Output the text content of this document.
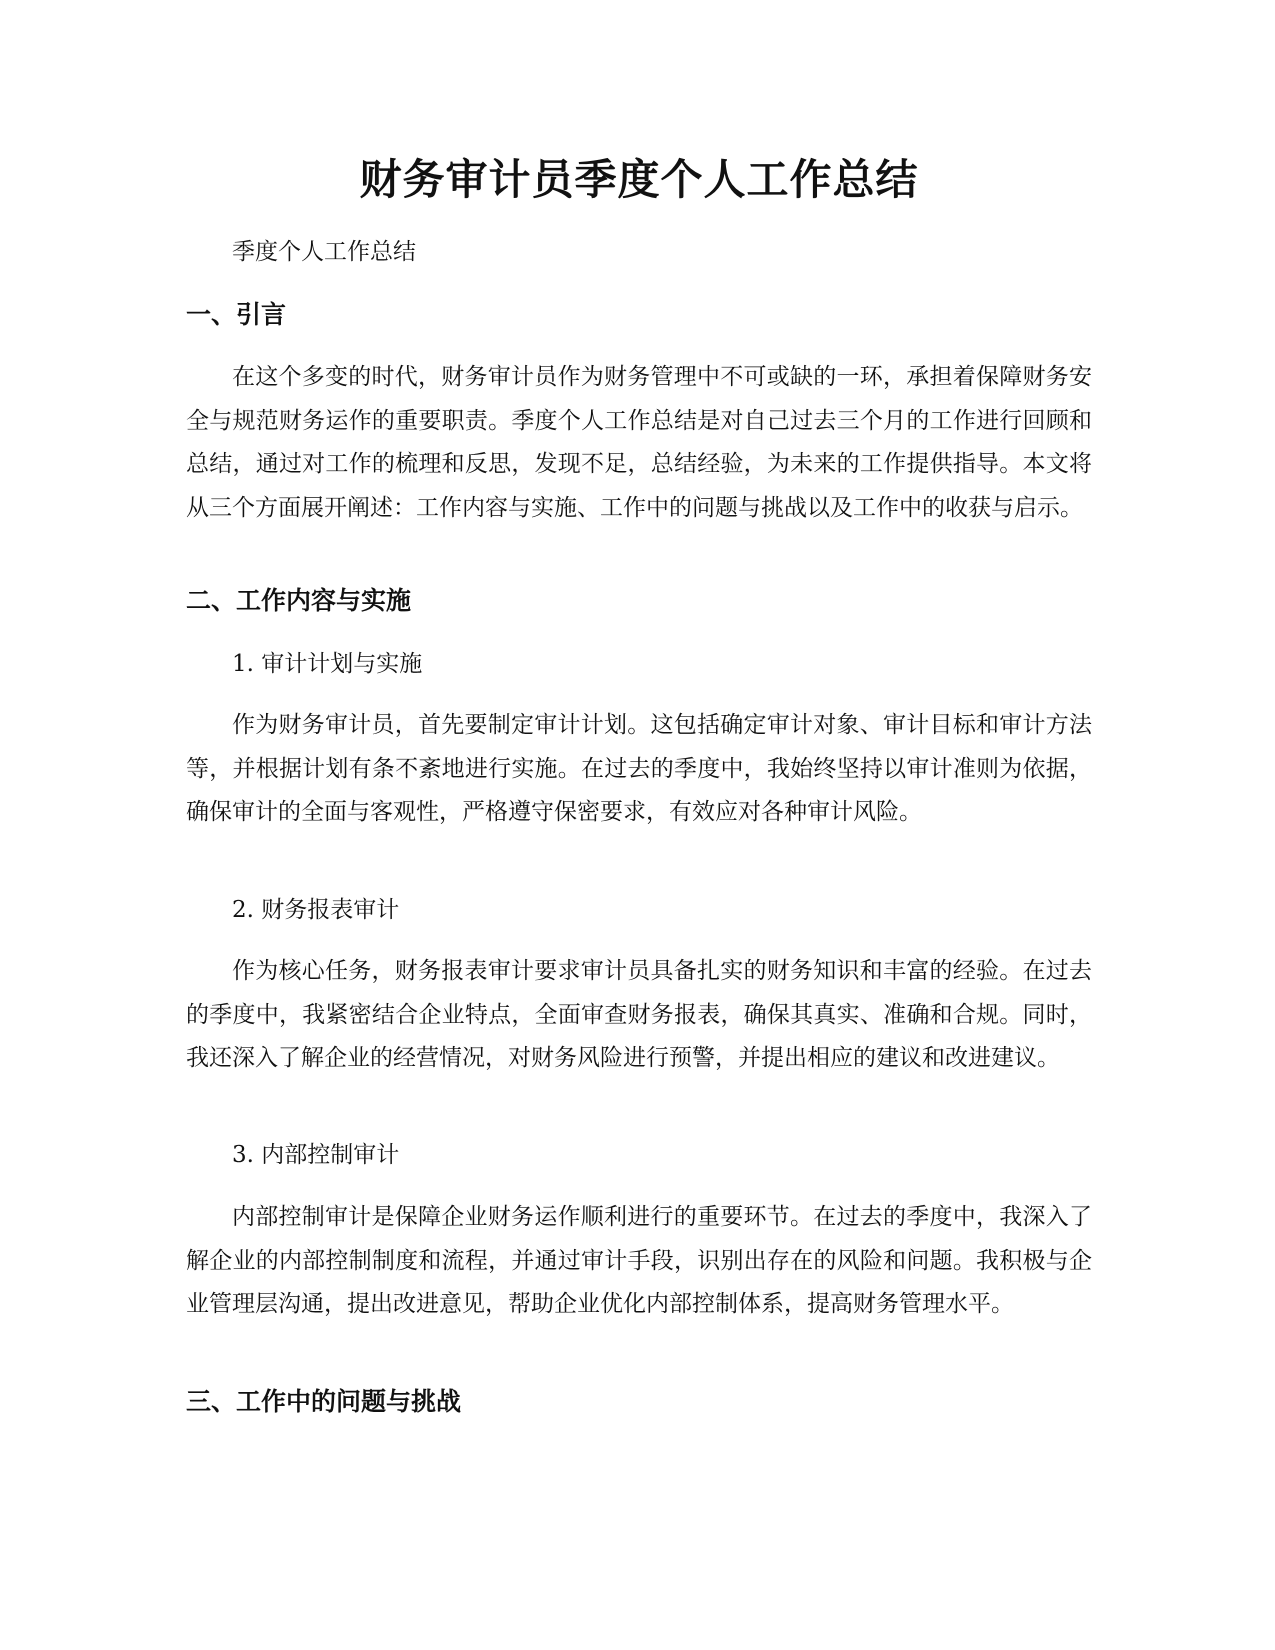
财务审计员季度个人工作总结

季度个人工作总结

一、引言

在这个多变的时代，财务审计员作为财务管理中不可或缺的一环，承担着保障财务安全与规范财务运作的重要职责。季度个人工作总结是对自己过去三个月的工作进行回顾和总结，通过对工作的梳理和反思，发现不足，总结经验，为未来的工作提供指导。本文将从三个方面展开阐述：工作内容与实施、工作中的问题与挑战以及工作中的收获与启示。

二、工作内容与实施

1. 审计计划与实施

作为财务审计员，首先要制定审计计划。这包括确定审计对象、审计目标和审计方法等，并根据计划有条不紊地进行实施。在过去的季度中，我始终坚持以审计准则为依据，确保审计的全面与客观性，严格遵守保密要求，有效应对各种审计风险。

2. 财务报表审计

作为核心任务，财务报表审计要求审计员具备扎实的财务知识和丰富的经验。在过去的季度中，我紧密结合企业特点，全面审查财务报表，确保其真实、准确和合规。同时，我还深入了解企业的经营情况，对财务风险进行预警，并提出相应的建议和改进建议。

3. 内部控制审计

内部控制审计是保障企业财务运作顺利进行的重要环节。在过去的季度中，我深入了解企业的内部控制制度和流程，并通过审计手段，识别出存在的风险和问题。我积极与企业管理层沟通，提出改进意见，帮助企业优化内部控制体系，提高财务管理水平。

三、工作中的问题与挑战
